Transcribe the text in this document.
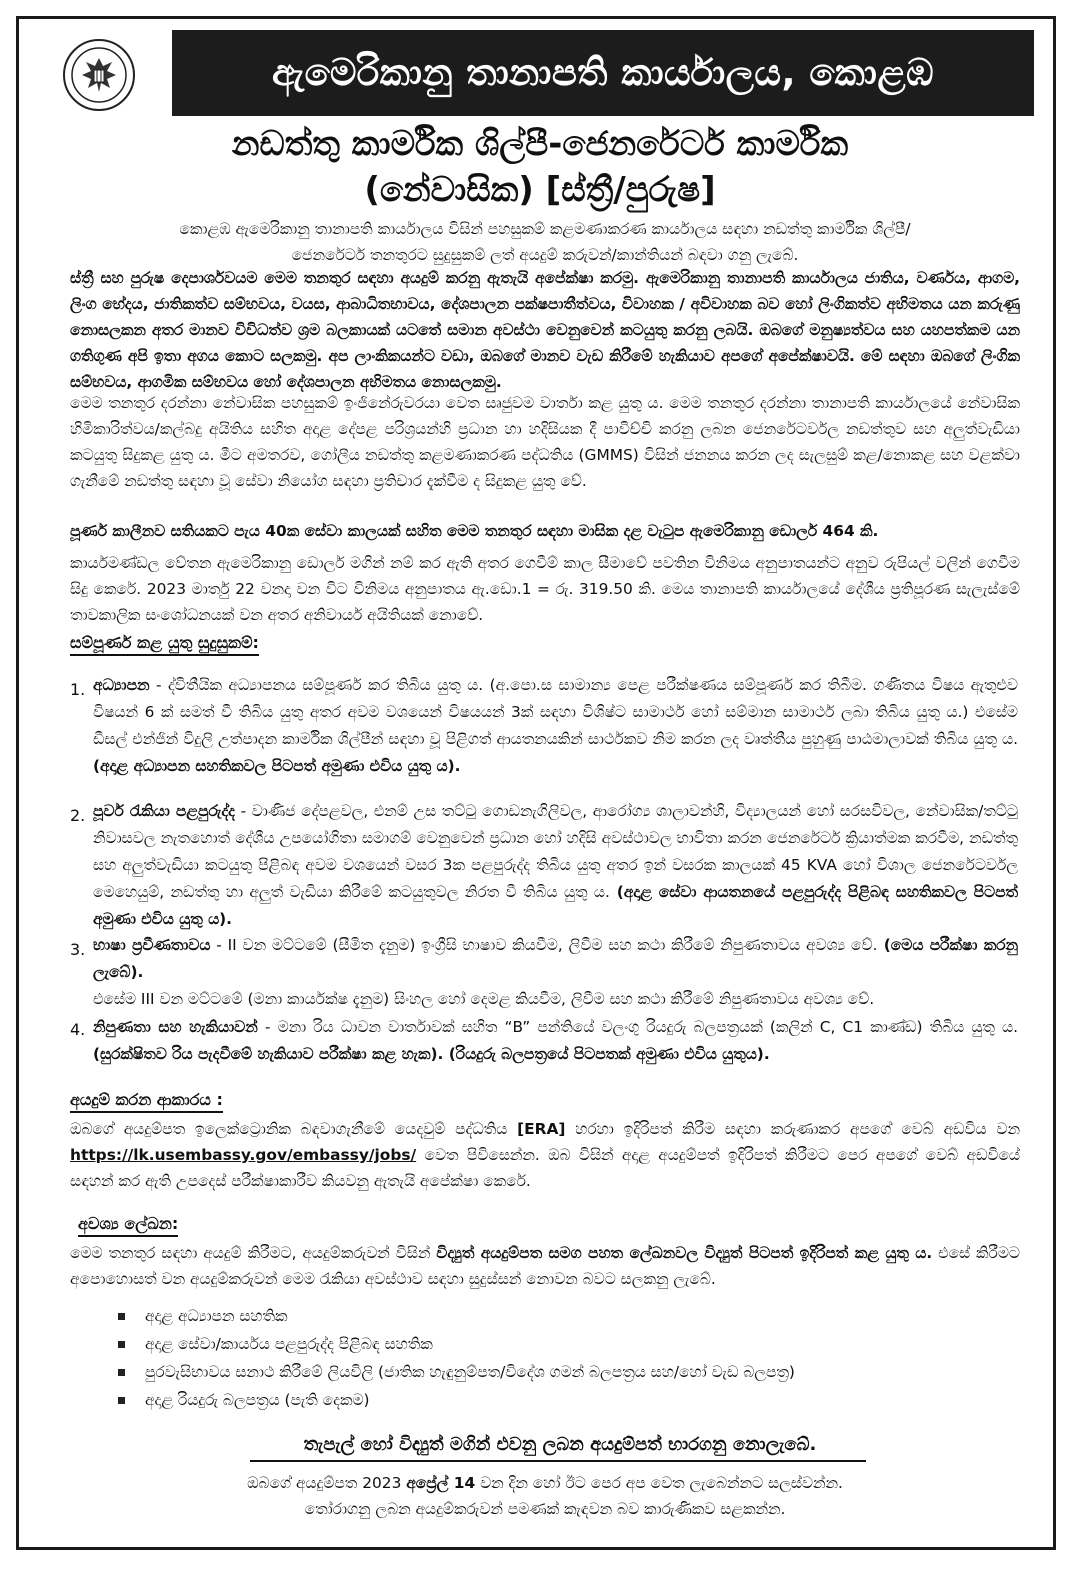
ඇමෙරිකානු තානාපති කාර්යාලය, කොළඹ
නඩත්තු කාර්මික ශිල්පී-ජෙනරේටර් කාර්මික
(නේවාසික) [ස්ත්‍රී/පුරුෂ]

කොළඹ ඇමෙරිකානු තානාපති කාර්යාලය විසින් පහසුකම් කළමණාකරණ කාර්යාලය සඳහා නඩත්තු කාර්මික ශිල්පී/

ජෙනරේටර් තනතුරට සුදුසුකම් ලත් අයදුම් කරුවන්/කාන්තියන් බඳවා ගනු ලැබේ.

ස්ත්‍රී සහ පුරුෂ දෙපාර්ශවයම මෙම තනතුර සඳහා අයදුම් කරනු ඇතැයි අපේක්ෂා කරමු. ඇමෙරිකානු තානාපති කාර්යාලය ජාතිය, වර්ණය, ආගම, ලිංග භේදය, ජාතිකත්ව සම්භවය, වයස, ආබාධිතභාවය, දේශපාලන පක්ෂපාතීත්වය, විවාහක / අවිවාහක බව හෝ ලිංගිකත්ව අභිමතය යන කරුණු නොසලකන අතර මානව විවිධත්ව ශ්‍රම බලකායක් යටතේ සමාන අවස්ථා වෙනුවෙන් කටයුතු කරනු ලබයි. ඔබගේ මනුෂ්‍යත්වය සහ යහපත්කම යන ගතිගුණ අපි ඉතා අගය කොට සලකමු. අප ලාංකිකයන්ට වඩා, ඔබගේ මානව වැඩ කිරීමේ හැකියාව අපගේ අපේක්ෂාවයි. මේ සඳහා ඔබගේ ලිංගික සම්භවය, ආගමික සම්භවය හෝ දේශපාලන අභිමතය නොසලකමු.

මෙම තනතුර දරන්නා නේවාසික පහසුකම් ඉංජිනේරුවරයා වෙත සෘජුවම වාර්තා කළ යුතු ය. මෙම තනතුර දරන්නා තානාපති කාර්යාලයේ නේවාසික හිමිකාරිත්වය/කල්බදු අයිතිය සහිත අදාළ දේපළ පරිශ්‍රයන්හි ප්‍රධාන හා හදිසියක දී පාවිච්චි කරනු ලබන ජෙනරේටර්වල නඩත්තුව සහ අලුත්වැඩියා කටයුතු සිදුකළ යුතු ය. මීට අමතරව, ගෝලීය නඩත්තු කළමණාකරණ පද්ධතිය (GMMS) විසින් ජනනය කරන ලද සැලසුම් කළ/නොකළ සහ වළක්වා ගැනීමේ නඩත්තු සඳහා වූ සේවා නියෝග සඳහා ප්‍රතිචාර දැක්වීම ද සිදුකළ යුතු වේ.

පූර්ණ කාලීනව සතියකට පැය 40ක සේවා කාලයක් සහිත මෙම තනතුර සඳහා මාසික දළ වැටුප ඇමෙරිකානු ඩොලර් 464 කි.

කාර්යමණ්ඩල වේතන ඇමෙරිකානු ඩොලර් මගින් නම් කර ඇති අතර ගෙවීම් කාල සීමාවේ පවතින විනිමය අනුපාතයන්ට අනුව රුපියල් වලින් ගෙවීම සිදු කෙරේ. 2023 මාර්තු 22 වනදා වන විට විනිමය අනුපාතය ඇ.ඩො.1 = රු. 319.50 කි. මෙය තානාපති කාර්යාලයේ දේශීය ප්‍රතිපූරණ සැලැස්මේ තාවකාලික සංශෝධනයක් වන අතර අනිවාර්ය අයිතියක් නොවේ.

සම්පූර්ණ කළ යුතු සුදුසුකම්:
1. අධ්‍යාපන - ද්විතීයික අධ්‍යාපනය සම්පූර්ණ කර තිබිය යුතු ය. (අ.පො.ස සාමාන්‍ය පෙළ පරීක්ෂණය සම්පූර්ණ කර තිබීම. ගණිතය විෂය ඇතුළුව විෂයන් 6 ක් සමත් වී තිබිය යුතු අතර අවම වශයෙන් විෂයයන් 3ක් සඳහා විශිෂ්ට සාමාර්ථ හෝ සම්මාන සාමාර්ථ ලබා තිබිය යුතු ය.) එසේම ඩීසල් එන්ජින් විදුලි උත්පාදන කාර්මික ශිල්පීන් සඳහා වූ පිළිගත් ආයතනයකින් සාර්ථකව නිම කරන ලද වෘත්තීය පුහුණු පාඨමාලාවක් තිබිය යුතු ය. (අදාළ අධ්‍යාපන සහතිකවල පිටපත් අමුණා එවිය යුතු ය).

2. පූර්ව රැකියා පළපුරුද්ද - වාණිජ දේපළවල, එනම් උස තට්ටු ගොඩනැගිලිවල, ආරෝග්‍ය ශාලාවන්හි, විද්‍යාලයන් හෝ සරසවිවල, නේවාසික/තට්ටු නිවාසවල නැතහොත් දේශීය උපයෝගිතා සමාගම් වෙනුවෙන් ප්‍රධාන හෝ හදිසි අවස්ථාවල භාවිතා කරන ජෙනරේටර් ක්‍රියාත්මක කරවීම, නඩත්තු සහ අලුත්වැඩියා කටයුතු පිළිබඳ අවම වශයෙන් වසර 3ක පළපුරුද්ද තිබිය යුතු අතර ඉන් වසරක කාලයක් 45 KVA හෝ විශාල ජෙනරේටර්වල මෙහෙයුම්, නඩත්තු හා අලුත් වැඩියා කිරීමේ කටයුතුවල නිරත වී තිබිය යුතු ය. (අදාළ සේවා ආයතනයේ පළපුරුද්ද පිළිබඳ සහතිකවල පිටපත් අමුණා එවිය යුතු ය).

3. භාෂා ප්‍රවීණතාවය - II වන මට්ටමේ (සීමිත දැනුම) ඉංග්‍රීසි භාෂාව කියවීම, ලිවීම සහ කථා කිරීමේ නිපුණතාවය අවශ්‍ය වේ. (මෙය පරීක්ෂා කරනු ලැබේ).
එසේම III වන මට්ටමේ (මනා කාර්යක්ෂ දැනුම) සිංහල හෝ දෙමළ කියවීම, ලිවීම සහ කථා කිරීමේ නිපුණතාවය අවශ්‍ය වේ.

4. නිපුණතා සහ හැකියාවන් - මනා රිය ධාවන වාර්තාවක් සහිත “B” පන්තියේ වලංගු රියදුරු බලපත්‍රයක් (කලින් C, C1 කාණ්ඩ) තිබිය යුතු ය. (සුරක්ෂිතව රිය පැදවීමේ හැකියාව පරීක්ෂා කළ හැක). (රියදුරු බලපත්‍රයේ පිටපතක් අමුණා එවිය යුතුය).

අයදුම් කරන ආකාරය :

ඔබගේ අයදුම්පත ඉලෙක්ට්‍රොනික බඳවාගැනීමේ යෙදවුම් පද්ධතිය [ERA] හරහා ඉදිරිපත් කිරීම සඳහා කරුණාකර අපගේ වෙබ් අඩවිය වන https://lk.usembassy.gov/embassy/jobs/ වෙත පිවිසෙන්න. ඔබ විසින් අදාළ අයදුම්පත් ඉදිරිපත් කිරීමට පෙර අපගේ වෙබ් අඩවියේ සඳහන් කර ඇති උපදෙස් පරීක්ෂාකාරීව කියවනු ඇතැයි අපේක්ෂා කෙරේ.

අවශ්‍ය ලේඛන:

මෙම තනතුර සඳහා අයදුම් කිරීමට, අයදුම්කරුවන් විසින් විද්‍යුත් අයදුම්පත සමග පහත ලේඛනවල විද්‍යුත් පිටපත් ඉදිරිපත් කළ යුතු ය. එසේ කිරීමට අපොහොසත් වන අයදුම්කරුවන් මෙම රැකියා අවස්ථාව සඳහා සුදුස්සන් නොවන බවට සලකනු ලැබේ.

අදාළ අධ්‍යාපන සහතික
අදාළ සේවා/කාර්යය පළපුරුද්ද පිළිබඳ සහතික
පුරවැසිභාවය සනාථ කිරීමේ ලියවිලි (ජාතික හැඳුනුම්පත/විදේශ ගමන් බලපත්‍රය සහ/හෝ වැඩ බලපත්‍ර)
අදාළ රියදුරු බලපත්‍රය (පැති දෙකම)
තැපැල් හෝ විද්‍යුත් මගින් එවනු ලබන අයදුම්පත් භාරගනු නොලැබේ.

ඔබගේ අයදුම්පත 2023 අප්‍රේල් 14 වන දින හෝ ඊට පෙර අප වෙත ලැබෙන්නට සලස්වන්න.

තෝරාගනු ලබන අයදුම්කරුවන් පමණක් කැඳවන බව කාරුණිකව සළකන්න.
